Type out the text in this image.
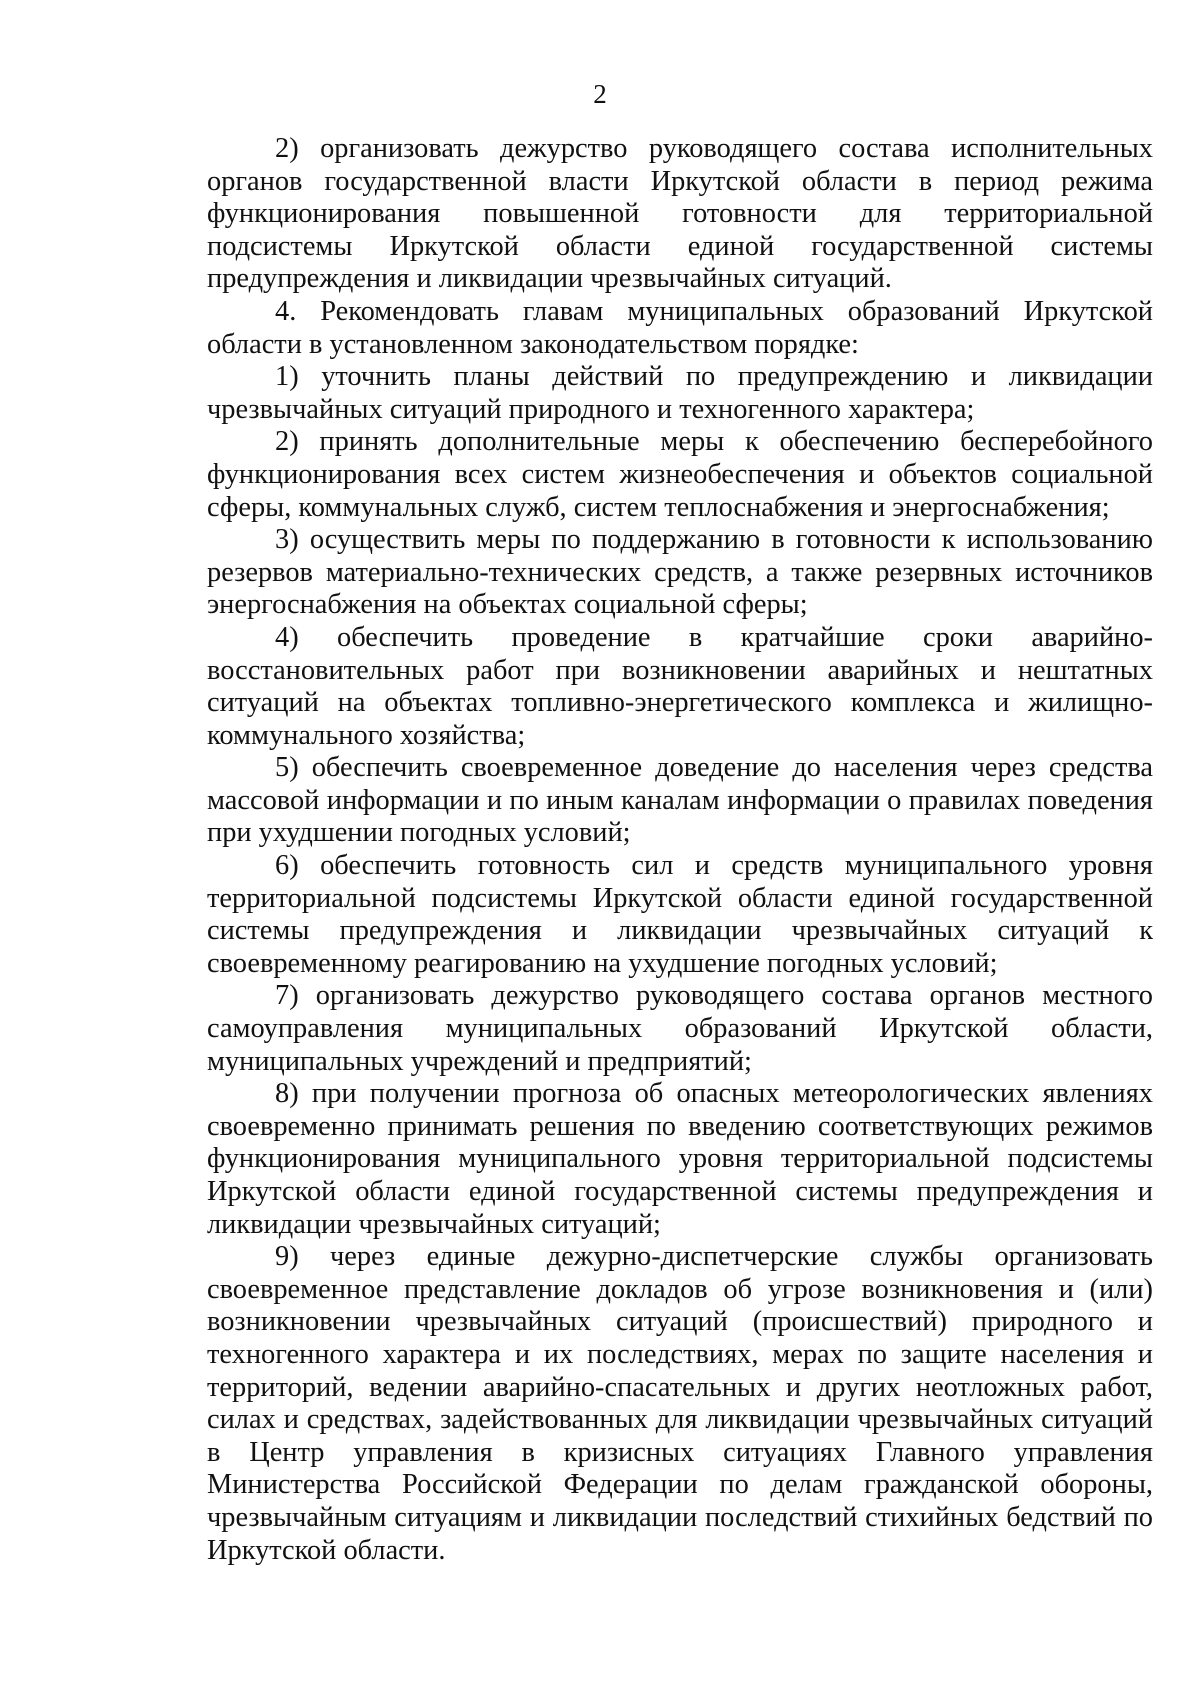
2

2) организовать дежурство руководящего состава исполнительных органов государственной власти Иркутской области в период режима функционирования повышенной готовности для территориальной подсистемы Иркутской области единой государственной системы предупреждения и ликвидации чрезвычайных ситуаций.

4. Рекомендовать главам муниципальных образований Иркутской области в установленном законодательством порядке:

1) уточнить планы действий по предупреждению и ликвидации чрезвычайных ситуаций природного и техногенного характера;

2) принять дополнительные меры к обеспечению бесперебойного функционирования всех систем жизнеобеспечения и объектов социальной сферы, коммунальных служб, систем теплоснабжения и энергоснабжения;

3) осуществить меры по поддержанию в готовности к использованию резервов материально-технических средств, а также резервных источников энергоснабжения на объектах социальной сферы;

4) обеспечить проведение в кратчайшие сроки аварийно-восстановительных работ при возникновении аварийных и нештатных ситуаций на объектах топливно-энергетического комплекса и жилищно-коммунального хозяйства;

5) обеспечить своевременное доведение до населения через средства массовой информации и по иным каналам информации о правилах поведения при ухудшении погодных условий;

6) обеспечить готовность сил и средств муниципального уровня территориальной подсистемы Иркутской области единой государственной системы предупреждения и ликвидации чрезвычайных ситуаций к своевременному реагированию на ухудшение погодных условий;

7) организовать дежурство руководящего состава органов местного самоуправления муниципальных образований Иркутской области, муниципальных учреждений и предприятий;

8) при получении прогноза об опасных метеорологических явлениях своевременно принимать решения по введению соответствующих режимов функционирования муниципального уровня территориальной подсистемы Иркутской области единой государственной системы предупреждения и ликвидации чрезвычайных ситуаций;

9) через единые дежурно-диспетчерские службы организовать своевременное представление докладов об угрозе возникновения и (или) возникновении чрезвычайных ситуаций (происшествий) природного и техногенного характера и их последствиях, мерах по защите населения и территорий, ведении аварийно-спасательных и других неотложных работ, силах и средствах, задействованных для ликвидации чрезвычайных ситуаций в Центр управления в кризисных ситуациях Главного управления Министерства Российской Федерации по делам гражданской обороны, чрезвычайным ситуациям и ликвидации последствий стихийных бедствий по Иркутской области.
